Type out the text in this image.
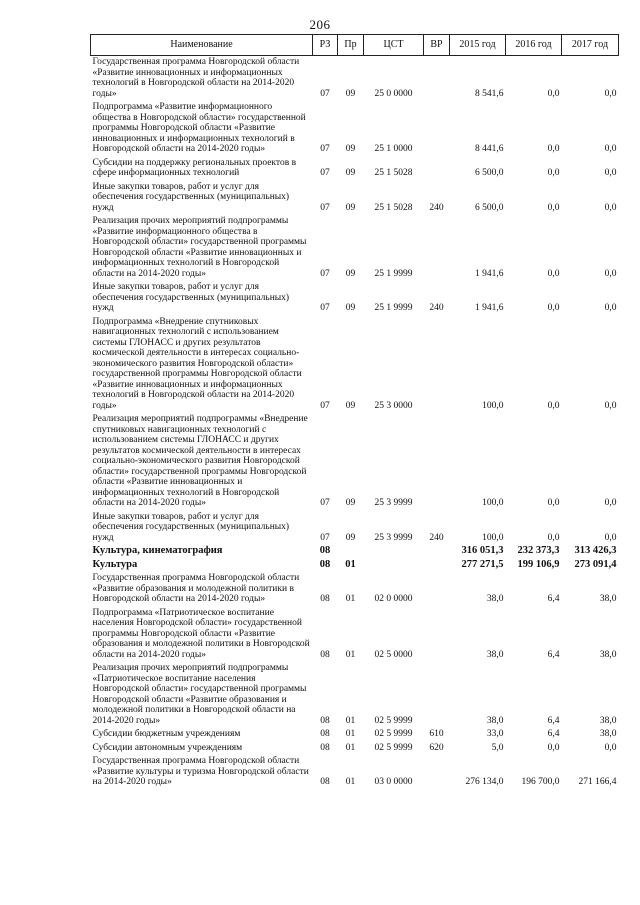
206
Наименование	РЗ	Пр	ЦСТ	ВР	2015 год	2016 год	2017 год
Государственная программа Новгородской области «Развитие инновационных и информационных технологий в Новгородской области на 2014-2020 годы»	07	09	25 0 0000		8 541,6	0,0	0,0
Подпрограмма «Развитие информационного общества в Новгородской области» государственной программы Новгородской области «Развитие инновационных и информационных технологий в Новгородской области на 2014-2020 годы»	07	09	25 1 0000		8 441,6	0,0	0,0
Субсидии на поддержку региональных проектов в сфере информационных технологий	07	09	25 1 5028		6 500,0	0,0	0,0
Иные закупки товаров, работ и услуг для обеспечения государственных (муниципальных) нужд	07	09	25 1 5028	240	6 500,0	0,0	0,0
Реализация прочих мероприятий подпрограммы «Развитие информационного общества в Новгородской области» государственной программы Новгородской области «Развитие инновационных и информационных технологий в Новгородской области на 2014-2020 годы»	07	09	25 1 9999		1 941,6	0,0	0,0
Иные закупки товаров, работ и услуг для обеспечения государственных (муниципальных) нужд	07	09	25 1 9999	240	1 941,6	0,0	0,0
Подпрограмма «Внедрение спутниковых навигационных технологий с использованием системы ГЛОНАСС и других результатов космической деятельности в интересах социально-экономического развития Новгородской области» государственной программы Новгородской области «Развитие инновационных и информационных технологий в Новгородской области на 2014-2020 годы»	07	09	25 3 0000		100,0	0,0	0,0
Реализация мероприятий подпрограммы «Внедрение спутниковых навигационных технологий с использованием системы ГЛОНАСС и других результатов космической деятельности в интересах социально-экономического развития Новгородской области» государственной программы Новгородской области «Развитие инновационных и информационных технологий в Новгородской области на 2014-2020 годы»	07	09	25 3 9999		100,0	0,0	0,0
Иные закупки товаров, работ и услуг для обеспечения государственных (муниципальных) нужд	07	09	25 3 9999	240	100,0	0,0	0,0
Культура, кинематография	08				316 051,3	232 373,3	313 426,3
Культура	08	01			277 271,5	199 106,9	273 091,4
Государственная программа Новгородской области «Развитие образования и молодежной политики в Новгородской области на 2014-2020 годы»	08	01	02 0 0000		38,0	6,4	38,0
Подпрограмма «Патриотическое воспитание населения Новгородской области» государственной программы Новгородской области «Развитие образования и молодежной политики в Новгородской области на 2014-2020 годы»	08	01	02 5 0000		38,0	6,4	38,0
Реализация прочих мероприятий подпрограммы «Патриотическое воспитание населения Новгородской области» государственной программы Новгородской области «Развитие образования и молодежной политики в Новгородской области на 2014-2020 годы»	08	01	02 5 9999		38,0	6,4	38,0
Субсидии бюджетным учреждениям	08	01	02 5 9999	610	33,0	6,4	38,0
Субсидии автономным учреждениям	08	01	02 5 9999	620	5,0	0,0	0,0
Государственная программа Новгородской области «Развитие культуры и туризма Новгородской области на 2014-2020 годы»	08	01	03 0 0000		276 134,0	196 700,0	271 166,4
